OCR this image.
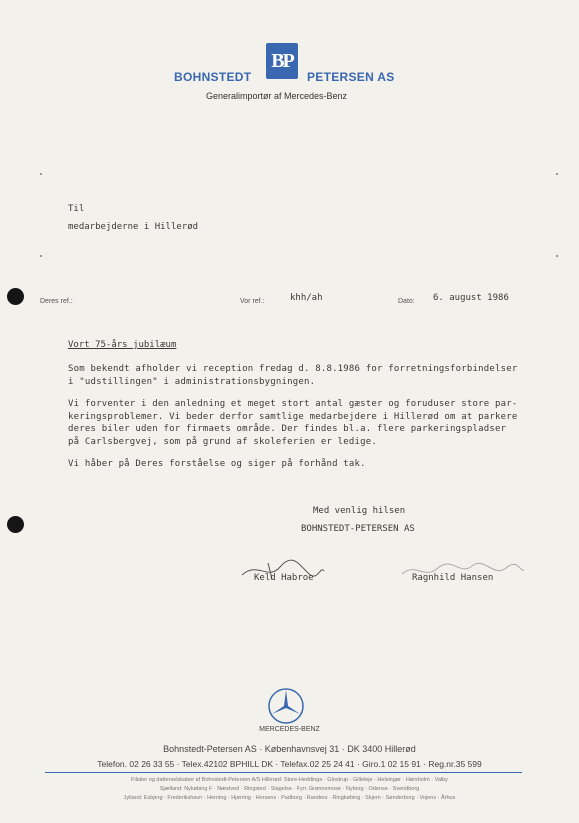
BP
BOHNSTEDT	PETERSEN AS
Generalimportør af Mercedes-Benz
Til
medarbejderne i Hillerød
Deres ref.:	Vor ref.:	khh/ah	Dato: 6. august 1986
Vort 75-års jubilæum
Som bekendt afholder vi reception fredag d. 8.8.1986 for forretningsforbindelser
i "udstillingen" i administrationsbygningen.
Vi forventer i den anledning et meget stort antal gæster og foruduser store par-
keringsproblemer. Vi beder derfor samtlige medarbejdere i Hillerød om at parkere
deres biler uden for firmaets område. Der findes bl.a. flere parkeringspladser
på Carlsbergvej, som på grund af skoleferien er ledige.
Vi håber på Deres forståelse og siger på forhånd tak.
Med venlig hilsen
BOHNSTEDT-PETERSEN AS
Keld Habroe	Ragnhild Hansen
MERCEDES-BENZ
Bohnstedt-Petersen AS · Københavnsvej 31 · DK 3400 Hillerød
Telefon. 02 26 33 55 · Telex.42102 BPHILL DK · Telefax.02 25 24 41 · Giro.1 02 15 91 · Reg.nr.35 599
Filialer og datterselskaber af Bohnstedt-Petersen A/S Hillerød: Store-Heddinge · Glostrup · Gilleleje · Helsingør · Hørsholm · Valby
Sjælland: Nykøbing F · Næstved · Ringsted · Slagelse · Fyn: Grønnemose · Nyborg · Odense · Svendborg
Jylland: Esbjerg · Frederikshavn · Herning · Hjørring · Horsens · Padborg · Randers · Ringkøbing · Skjern · Sønderborg · Vojens · Århus
